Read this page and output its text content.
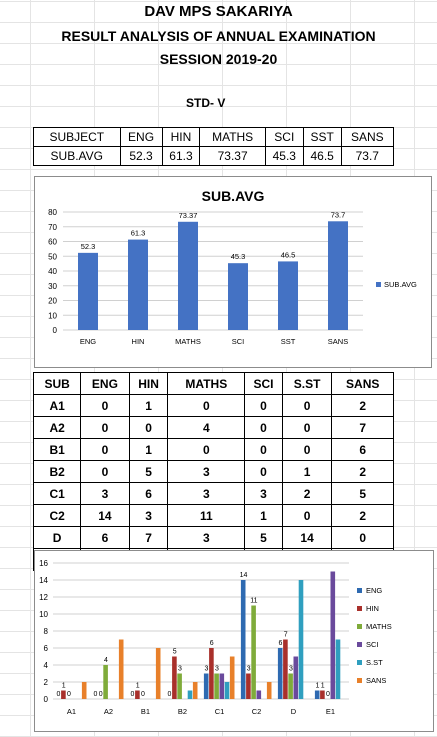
DAV MPS SAKARIYA
RESULT ANALYSIS OF ANNUAL EXAMINATION
SESSION 2019-20
STD- V
SUBJECT	ENG	HIN	MATHS	SCI	SST	SANS
SUB.AVG	52.3	61.3	73.37	45.3	46.5	73.7
SUB.AVG
0
10
20
30
40
50
60
70
80
52.3
ENG
61.3
HIN
73.37
MATHS
45.3
SCI
46.5
SST
73.7
SANS
SUB.AVG
SUB	ENG	HIN	MATHS	SCI	S.ST	SANS
A1	0	1	0	0	0	2
A2	0	0	4	0	0	7
B1	0	1	0	0	0	6
B2	0	5	3	0	1	2
C1	3	6	3	3	2	5
C2	14	3	11	1	0	2
D	6	7	3	5	14	0

0
2
4
6
8
10
12
14
16
0
1
0
A1
0 0
4
A2
0
1
0
B1
0
5
3
B2
3
6
3
C1
14
3
11
C2
6
7
3
D
1 1
0
E1
ENG
HIN
MATHS
SCI
S.ST
SANS
